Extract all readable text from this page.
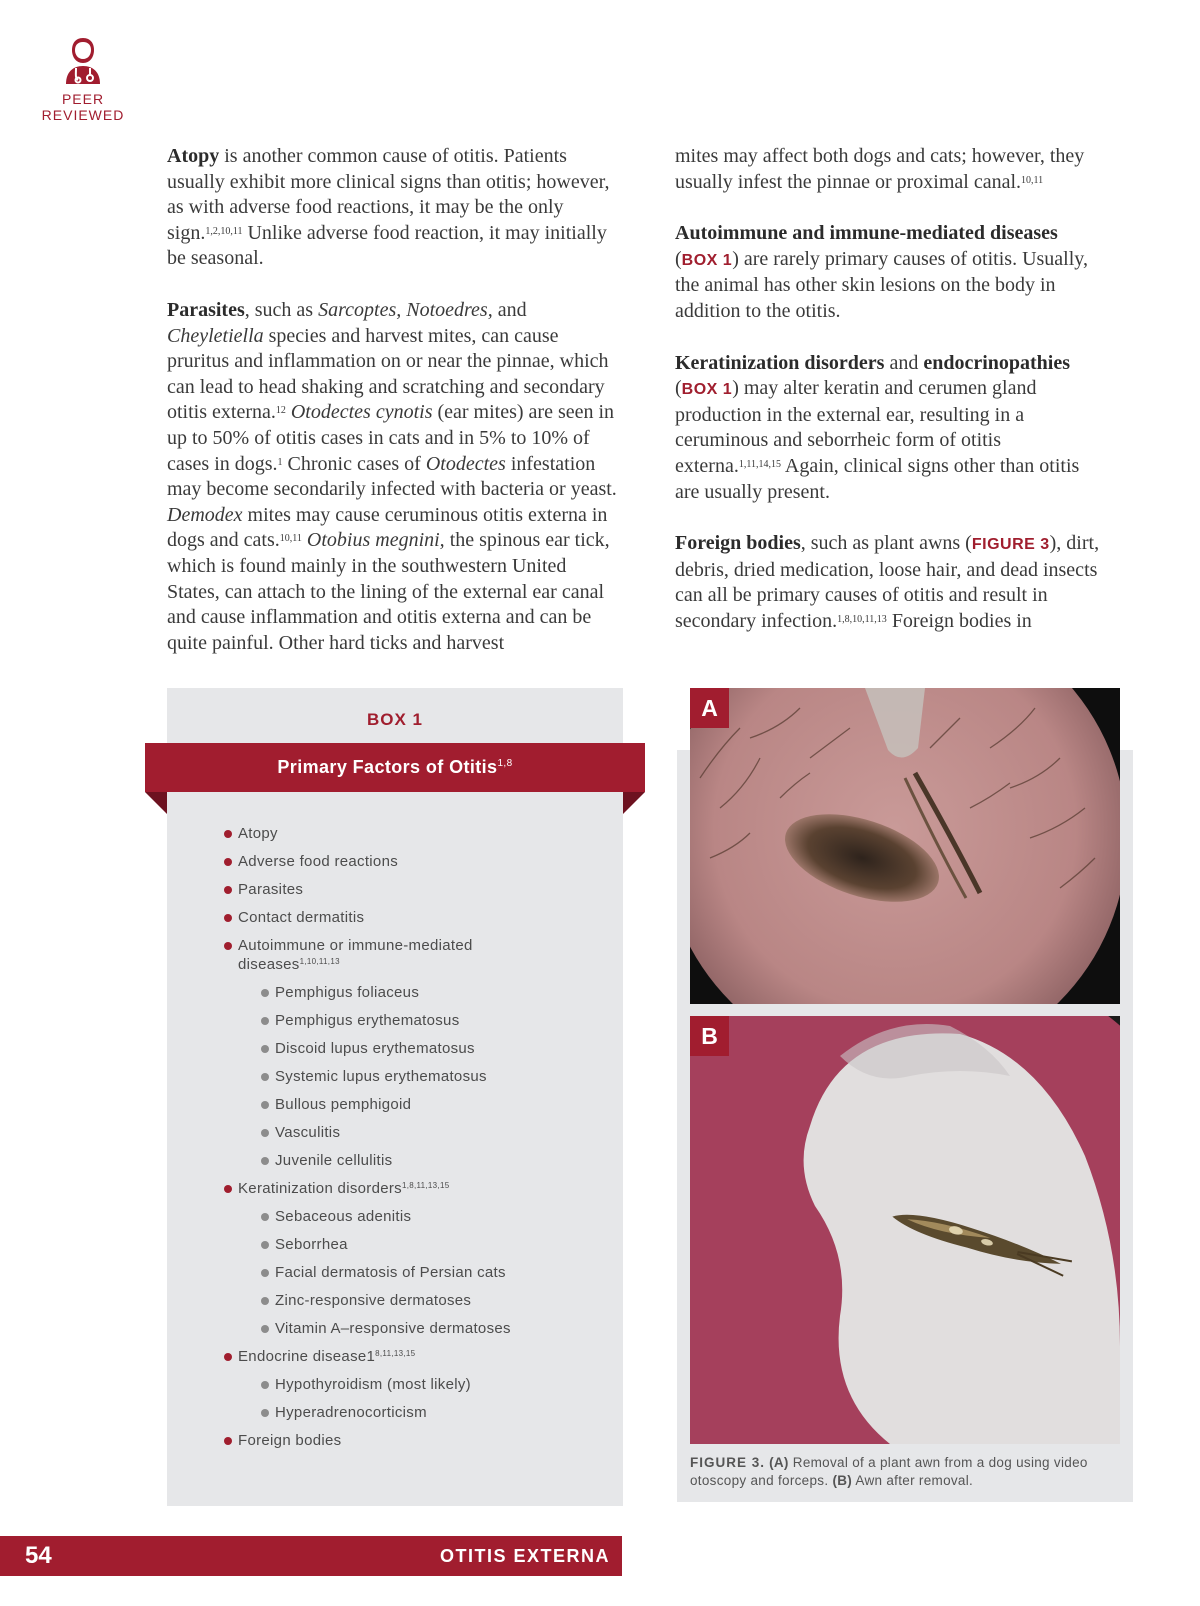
PEER
REVIEWED

Atopy is another common cause of otitis. Patients usually exhibit more clinical signs than otitis; however, as with adverse food reactions, it may be the only sign.$^{1,2,10,11}$ Unlike adverse food reaction, it may initially be seasonal.

Parasites, such as Sarcoptes, Notoedres, and Cheyletiella species and harvest mites, can cause pruritus and inflammation on or near the pinnae, which can lead to head shaking and scratching and secondary otitis externa.$^{12}$ Otodectes cynotis (ear mites) are seen in up to 50% of otitis cases in cats and in 5% to 10% of cases in dogs.$^1$ Chronic cases of Otodectes infestation may become secondarily infected with bacteria or yeast. Demodex mites may cause ceruminous otitis externa in dogs and cats.$^{10,11}$ Otobius megnini, the spinous ear tick, which is found mainly in the southwestern United States, can attach to the lining of the external ear canal and cause inflammation and otitis externa and can be quite painful. Other hard ticks and harvest

mites may affect both dogs and cats; however, they usually infest the pinnae or proximal canal.$^{10,11}$

Autoimmune and immune-mediated diseases
(BOX 1) are rarely primary causes of otitis. Usually, the animal has other skin lesions on the body in addition to the otitis.

Keratinization disorders and endocrinopathies
(BOX 1) may alter keratin and cerumen gland production in the external ear, resulting in a ceruminous and seborrheic form of otitis externa.$^{1,11,14,15}$ Again, clinical signs other than otitis are usually present.

Foreign bodies, such as plant awns (FIGURE 3), dirt, debris, dried medication, loose hair, and dead insects can all be primary causes of otitis and result in secondary infection.$^{1,8,10,11,13}$ Foreign bodies in

BOX 1
Primary Factors of Otitis$^{1,8}$
Atopy
Adverse food reactions
Parasites
Contact dermatitis
Autoimmune or immune-mediated diseases$^{1,10,11,13}$
Pemphigus foliaceus
Pemphigus erythematosus
Discoid lupus erythematosus
Systemic lupus erythematosus
Bullous pemphigoid
Vasculitis
Juvenile cellulitis
Keratinization disorders$^{1,8,11,13,15}$
Sebaceous adenitis
Seborrhea
Facial dermatosis of Persian cats
Zinc-responsive dermatoses
Vitamin A–responsive dermatoses
Endocrine disease1$^{8,11,13,15}$
Hypothyroidism (most likely)
Hyperadrenocorticism
Foreign bodies
A
B
FIGURE 3. (A) Removal of a plant awn from a dog using video otoscopy and forceps. (B) Awn after removal.
54	OTITIS EXTERNA
